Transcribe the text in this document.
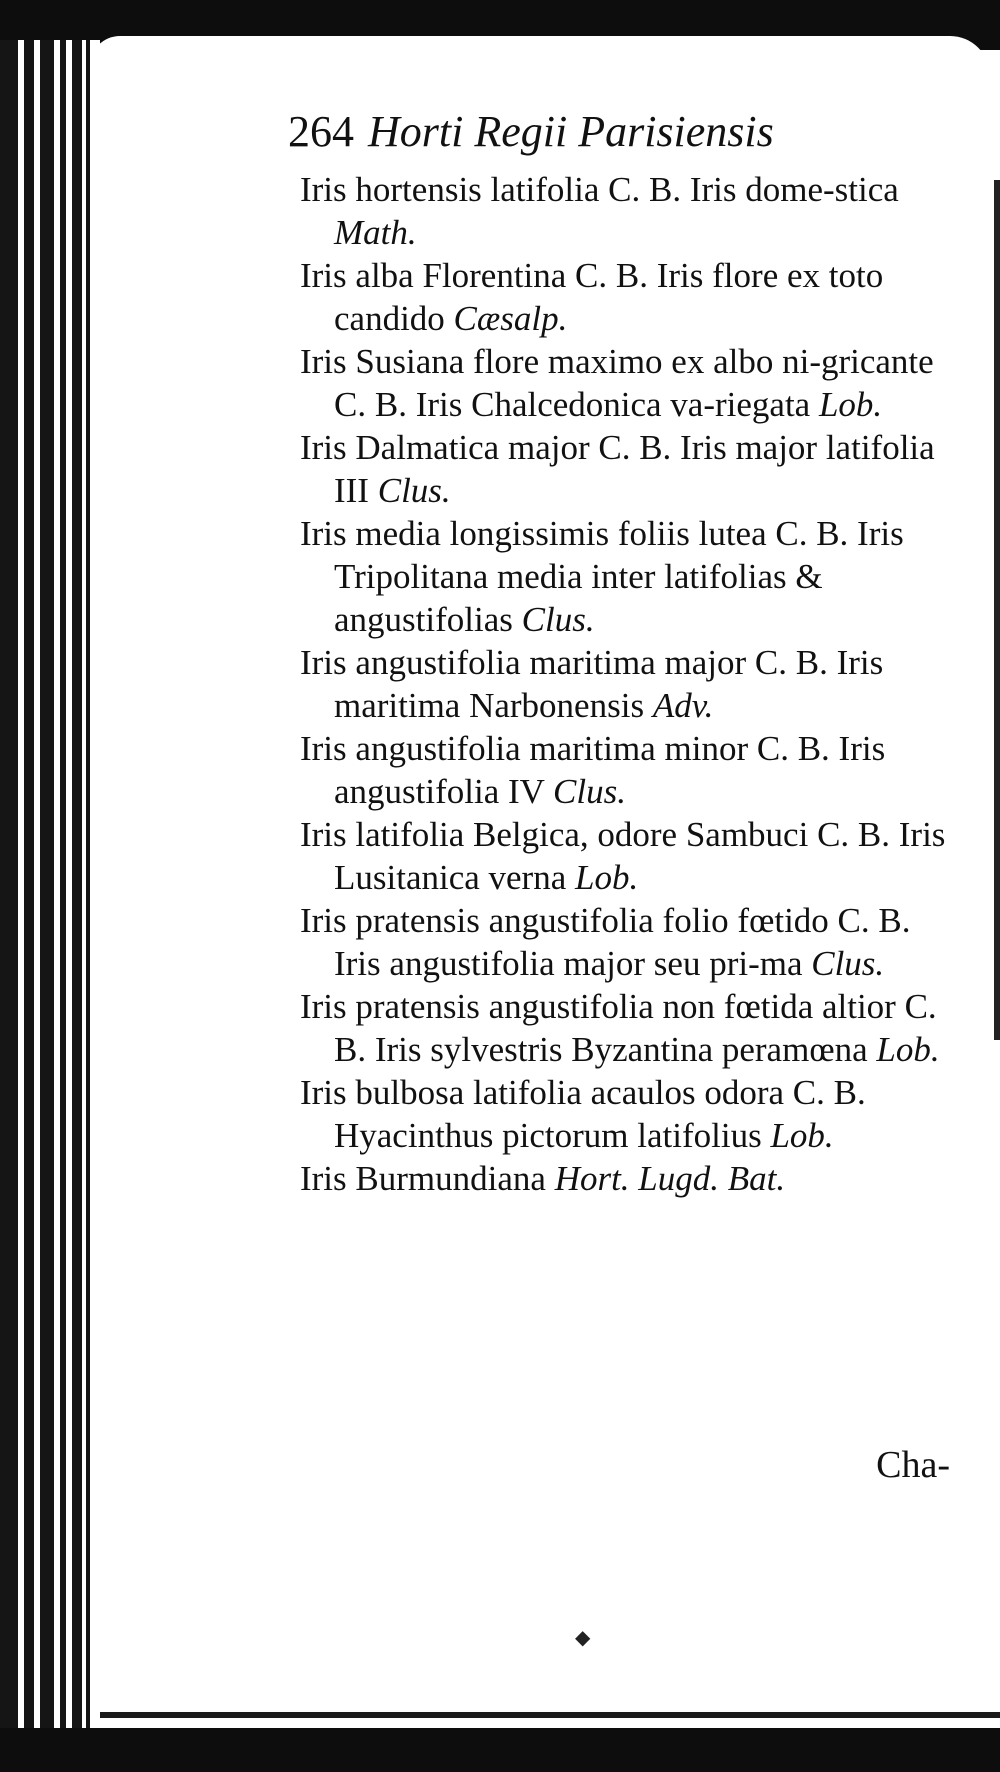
264 Horti Regii Parisiensis

Iris hortensis latifolia C. B. Iris dome-stica Math.

Iris alba Florentina C. B. Iris flore ex toto candido Cæsalp.

Iris Susiana flore maximo ex albo ni-gricante C. B. Iris Chalcedonica va-riegata Lob.

Iris Dalmatica major C. B. Iris major latifolia III Clus.

Iris media longissimis foliis lutea C. B. Iris Tripolitana media inter latifolias & angustifolias Clus.

Iris angustifolia maritima major C. B. Iris maritima Narbonensis Adv.

Iris angustifolia maritima minor C. B. Iris angustifolia IV Clus.

Iris latifolia Belgica, odore Sambuci C. B. Iris Lusitanica verna Lob.

Iris pratensis angustifolia folio fœtido C. B. Iris angustifolia major seu pri-ma Clus.

Iris pratensis angustifolia non fœtida altior C. B. Iris sylvestris Byzantina peramœna Lob.

Iris bulbosa latifolia acaulos odora C. B. Hyacinthus pictorum latifolius Lob.

Iris Burmundiana Hort. Lugd. Bat.

Cha-
◆
